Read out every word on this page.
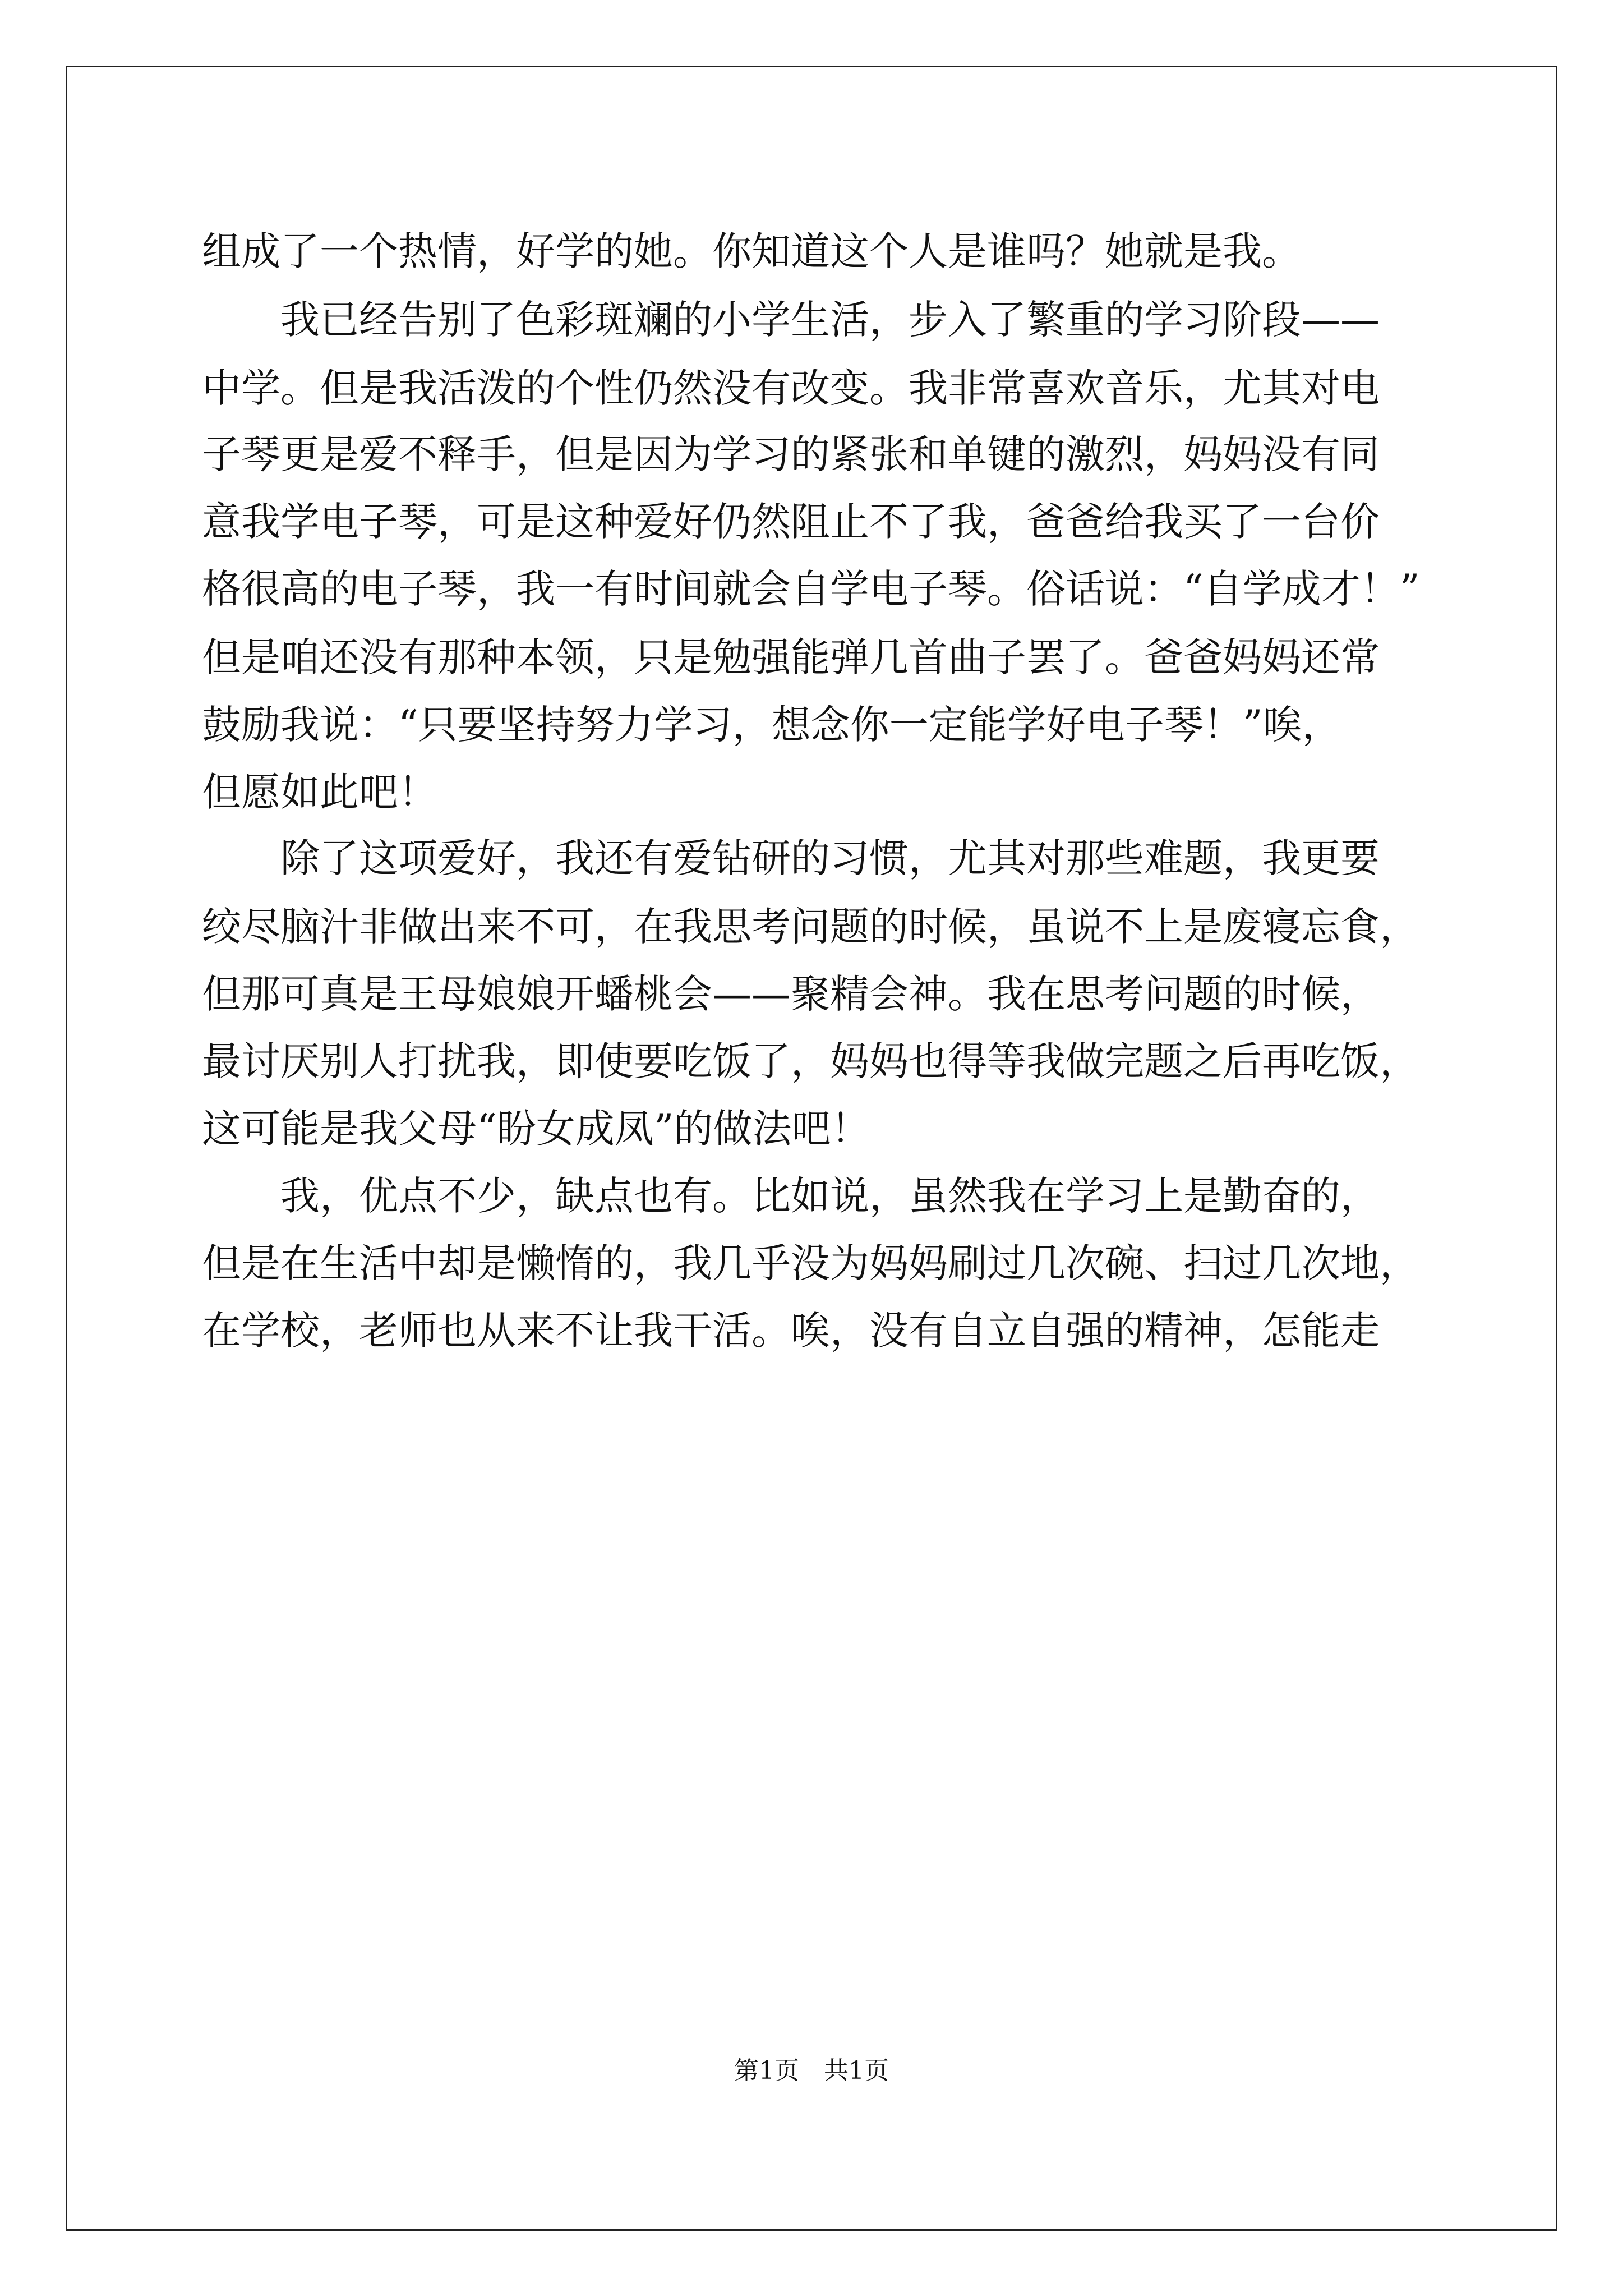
组成了一个热情，好学的她。你知道这个人是谁吗？她就是我。
　　我已经告别了色彩斑斓的小学生活，步入了繁重的学习阶段——
中学。但是我活泼的个性仍然没有改变。我非常喜欢音乐，尤其对电
子琴更是爱不释手，但是因为学习的紧张和单键的激烈，妈妈没有同
意我学电子琴，可是这种爱好仍然阻止不了我，爸爸给我买了一台价
格很高的电子琴，我一有时间就会自学电子琴。俗话说：“自学成才！”
但是咱还没有那种本领，只是勉强能弹几首曲子罢了。爸爸妈妈还常
鼓励我说：“只要坚持努力学习，想念你一定能学好电子琴！”唉，
但愿如此吧！
　　除了这项爱好，我还有爱钻研的习惯，尤其对那些难题，我更要
绞尽脑汁非做出来不可，在我思考问题的时候，虽说不上是废寝忘食，
但那可真是王母娘娘开蟠桃会——聚精会神。我在思考问题的时候，
最讨厌别人打扰我，即使要吃饭了，妈妈也得等我做完题之后再吃饭，
这可能是我父母“盼女成凤”的做法吧！
　　我，优点不少，缺点也有。比如说，虽然我在学习上是勤奋的，
但是在生活中却是懒惰的，我几乎没为妈妈刷过几次碗、扫过几次地，
在学校，老师也从来不让我干活。唉，没有自立自强的精神，怎能走
第1页　共1页
